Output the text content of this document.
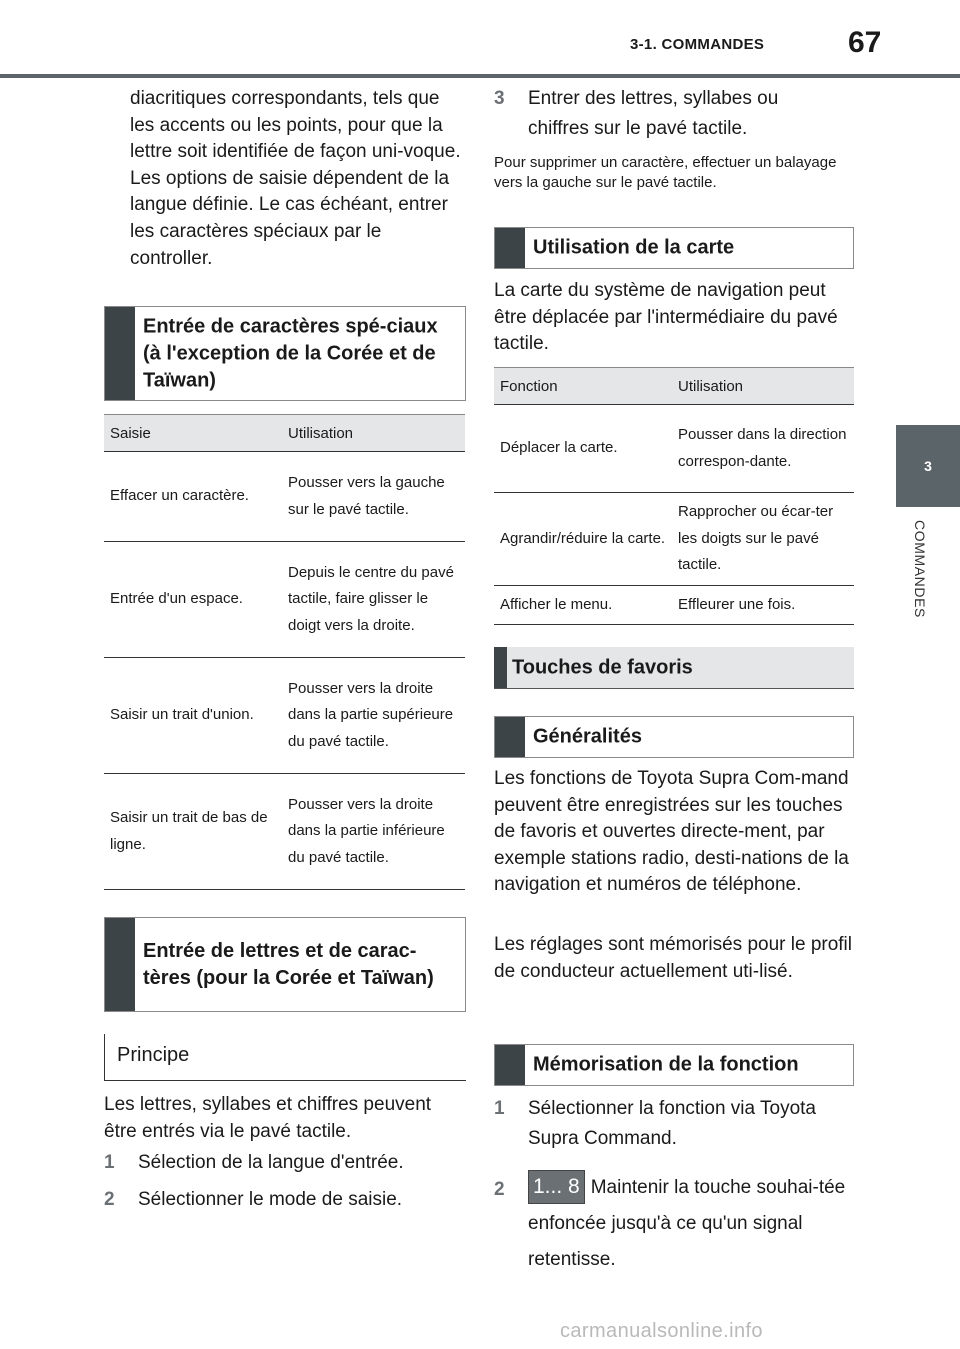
3-1. COMMANDES	67
3
COMMANDES

diacritiques correspondants, tels que les accents ou les points, pour que la lettre soit identifiée de façon uni-voque. Les options de saisie dépendent de la langue définie. Le cas échéant, entrer les caractères spéciaux par le controller.

Entrée de caractères spé-ciaux (à l'exception de la Corée et de Taïwan)
Saisie	Utilisation
Effacer un caractère.	Pousser vers la gauche sur le pavé tactile.
Entrée d'un espace.	Depuis le centre du pavé tactile, faire glisser le doigt vers la droite.
Saisir un trait d'union.	Pousser vers la droite dans la partie supérieure du pavé tactile.
Saisir un trait de bas de ligne.	Pousser vers la droite dans la partie inférieure du pavé tactile.
Entrée de lettres et de carac-tères (pour la Corée et Taïwan)
Principe

Les lettres, syllabes et chiffres peuvent être entrés via le pavé tactile.

1 Sélection de la langue d'entrée.
2 Sélectionner le mode de saisie.
3 Entrer des lettres, syllabes ou chiffres sur le pavé tactile.

Pour supprimer un caractère, effectuer un balayage vers la gauche sur le pavé tactile.

Utilisation de la carte

La carte du système de navigation peut être déplacée par l'intermédiaire du pavé tactile.

Fonction	Utilisation
Déplacer la carte.	Pousser dans la direction correspon-dante.
Agrandir/réduire la carte.	Rapprocher ou écar-ter les doigts sur le pavé tactile.
Afficher le menu.	Effleurer une fois.
Touches de favoris
Généralités

Les fonctions de Toyota Supra Com-mand peuvent être enregistrées sur les touches de favoris et ouvertes directe-ment, par exemple stations radio, desti-nations de la navigation et numéros de téléphone.

Les réglages sont mémorisés pour le profil de conducteur actuellement uti-lisé.

Mémorisation de la fonction
1 Sélectionner la fonction via Toyota Supra Command.
2 1... 8 Maintenir la touche souhai-tée enfoncée jusqu'à ce qu'un signal retentisse.
carmanualsonline.info
